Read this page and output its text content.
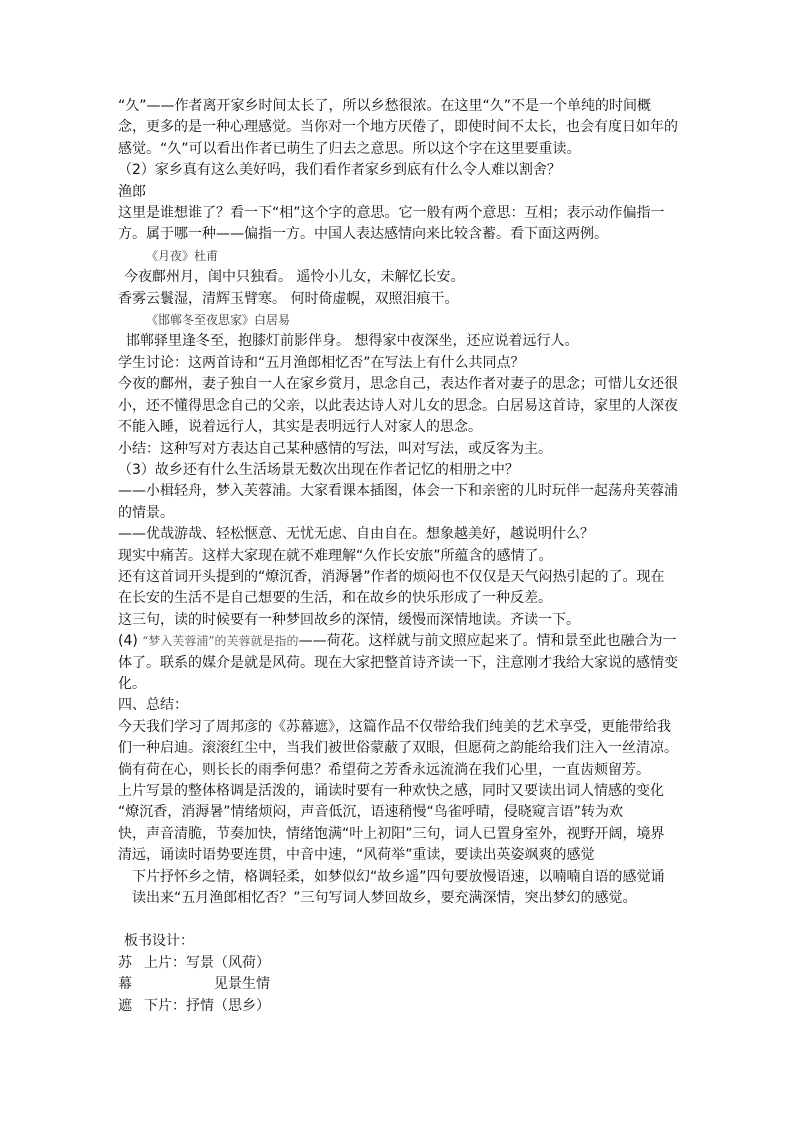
“久”——作者离开家乡时间太长了，所以乡愁很浓。在这里“久”不是一个单纯的时间概念，更多的是一种心理感觉。当你对一个地方厌倦了，即使时间不太长，也会有度日如年的感觉。“久”可以看出作者已萌生了归去之意思。所以这个字在这里要重读。

（2）家乡真有这么美好吗，我们看作者家乡到底有什么令人难以割舍？

渔郎

这里是谁想谁了？看一下“相”这个字的意思。它一般有两个意思：互相；表示动作偏指一方。属于哪一种——偏指一方。中国人表达感情向来比较含蓄。看下面这两例。

《月夜》杜甫

今夜鄜州月，闺中只独看。 遥怜小儿女，未解忆长安。

香雾云鬟湿，清辉玉臂寒。 何时倚虚幌，双照泪痕干。

《邯郸冬至夜思家》白居易

邯郸驿里逢冬至，抱膝灯前影伴身。 想得家中夜深坐，还应说着远行人。

学生讨论：这两首诗和“五月渔郎相忆否”在写法上有什么共同点？

今夜的鄜州，妻子独自一人在家乡赏月，思念自己，表达作者对妻子的思念；可惜儿女还很小，还不懂得思念自己的父亲，以此表达诗人对儿女的思念。白居易这首诗，家里的人深夜不能入睡，说着远行人，其实是表明远行人对家人的思念。

小结：这种写对方表达自己某种感情的写法，叫对写法，或反客为主。

（3）故乡还有什么生活场景无数次出现在作者记忆的相册之中？

——小楫轻舟，梦入芙蓉浦。大家看课本插图，体会一下和亲密的儿时玩伴一起荡舟芙蓉浦的情景。

——优哉游哉、轻松惬意、无忧无虑、自由自在。想象越美好，越说明什么？

现实中痛苦。这样大家现在就不难理解“久作长安旅”所蕴含的感情了。

还有这首词开头提到的“燎沉香，消溽暑”作者的烦闷也不仅仅是天气闷热引起的了。现在在长安的生活不是自己想要的生活，和在故乡的快乐形成了一种反差。

这三句，读的时候要有一种梦回故乡的深情，缓慢而深情地读。齐读一下。

(4) “梦入芙蓉浦”的芙蓉就是指的——荷花。这样就与前文照应起来了。情和景至此也融合为一体了。联系的媒介是就是风荷。现在大家把整首诗齐读一下，注意刚才我给大家说的感情变化。

四、总结：

今天我们学习了周邦彦的《苏幕遮》，这篇作品不仅带给我们纯美的艺术享受，更能带给我们一种启迪。滚滚红尘中，当我们被世俗蒙蔽了双眼，但愿荷之韵能给我们注入一丝清凉。倘有荷在心，则长长的雨季何患？希望荷之芳香永远流淌在我们心里，一直齿颊留芳。

上片写景的整体格调是活泼的，诵读时要有一种欢快之感，同时又要读出词人情感的变化

“燎沉香，消溽暑”情绪烦闷，声音低沉，语速稍慢“鸟雀呼晴，侵晓窥言语”转为欢

快，声音清脆，节奏加快，情绪饱满“叶上初阳”三句，词人已置身室外，视野开阔，境界清远，诵读时语势要连贯，中音中速，“风荷举”重读，要读出英姿飒爽的感觉

下片抒怀乡之情，格调轻柔，如梦似幻“故乡遥”四句要放慢语速，以喃喃自语的感觉诵读出来“五月渔郎相忆否？”三句写词人梦回故乡，要充满深情，突出梦幻的感觉。

板书设计：

苏 上片：写景（风荷）
幕	见景生情
遮 下片：抒情（思乡）
